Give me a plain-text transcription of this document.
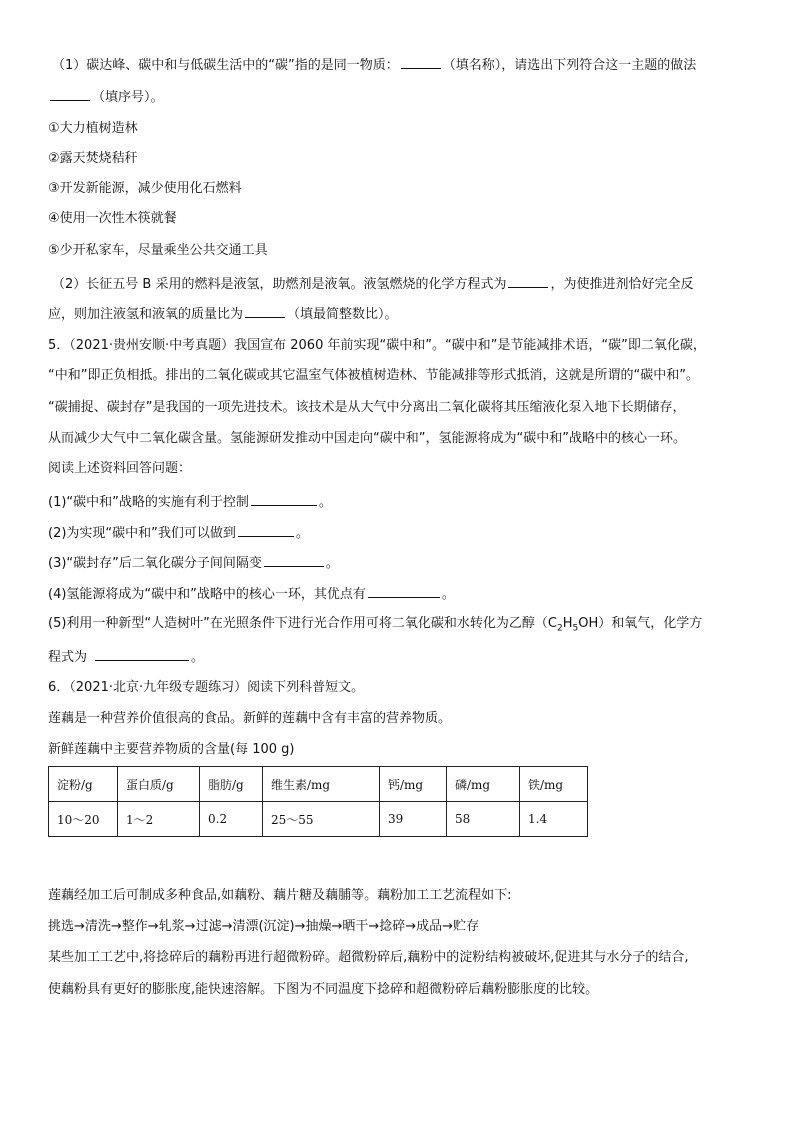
（1）碳达峰、碳中和与低碳生活中的“碳”指的是同一物质：	（填名称），请选出下列符合这一主题的做法
（填序号）。
①大力植树造林
②露天焚烧秸秆
③开发新能源，减少使用化石燃料
④使用一次性木筷就餐
⑤少开私家车，尽量乘坐公共交通工具
（2）长征五号 B 采用的燃料是液氢，助燃剂是液氧。液氢燃烧的化学方程式为	，为使推进剂恰好完全反
应，则加注液氢和液氧的质量比为	（填最简整数比）。
5．（2021·贵州安顺·中考真题）我国宣布 2060 年前实现“碳中和”。“碳中和”是节能减排术语，“碳”即二氧化碳，
“中和”即正负相抵。排出的二氧化碳或其它温室气体被植树造林、节能减排等形式抵消，这就是所谓的“碳中和”。
“碳捕捉、碳封存”是我国的一项先进技术。该技术是从大气中分离出二氧化碳将其压缩液化泵入地下长期储存，
从而减少大气中二氧化碳含量。氢能源研发推动中国走向“碳中和”，氢能源将成为“碳中和”战略中的核心一环。
阅读上述资料回答问题：
(1)“碳中和”战略的实施有利于控制	。
(2)为实现“碳中和”我们可以做到	。
(3)“碳封存”后二氧化碳分子间间隔变	。
(4)氢能源将成为“碳中和”战略中的核心一环，其优点有	。
(5)利用一种新型“人造树叶”在光照条件下进行光合作用可将二氧化碳和水转化为乙醇$(C_2H_5OH)$和氧气，化学方
程式为	。
6．（2021·北京·九年级专题练习）阅读下列科普短文。
莲藕是一种营养价值很高的食品。新鲜的莲藕中含有丰富的营养物质。
新鲜莲藕中主要营养物质的含量(每 100 g)
淀粉/g	蛋白质/g	脂肪/g	维生素/mg	钙/mg	磷/mg	铁/mg
10～20	1～2	0.2	25～55	39	58	1.4
莲藕经加工后可制成多种食品,如藕粉、藕片糖及藕脯等。藕粉加工工艺流程如下:
挑选→清洗→整作→轧浆→过滤→清漂(沉淀)→抽燥→晒干→捻碎→成品→贮存
某些加工工艺中,将捻碎后的藕粉再进行超微粉碎。超微粉碎后,藕粉中的淀粉结构被破坏,促进其与水分子的结合,
使藕粉具有更好的膨胀度,能快速溶解。下图为不同温度下捻碎和超微粉碎后藕粉膨胀度的比较。
